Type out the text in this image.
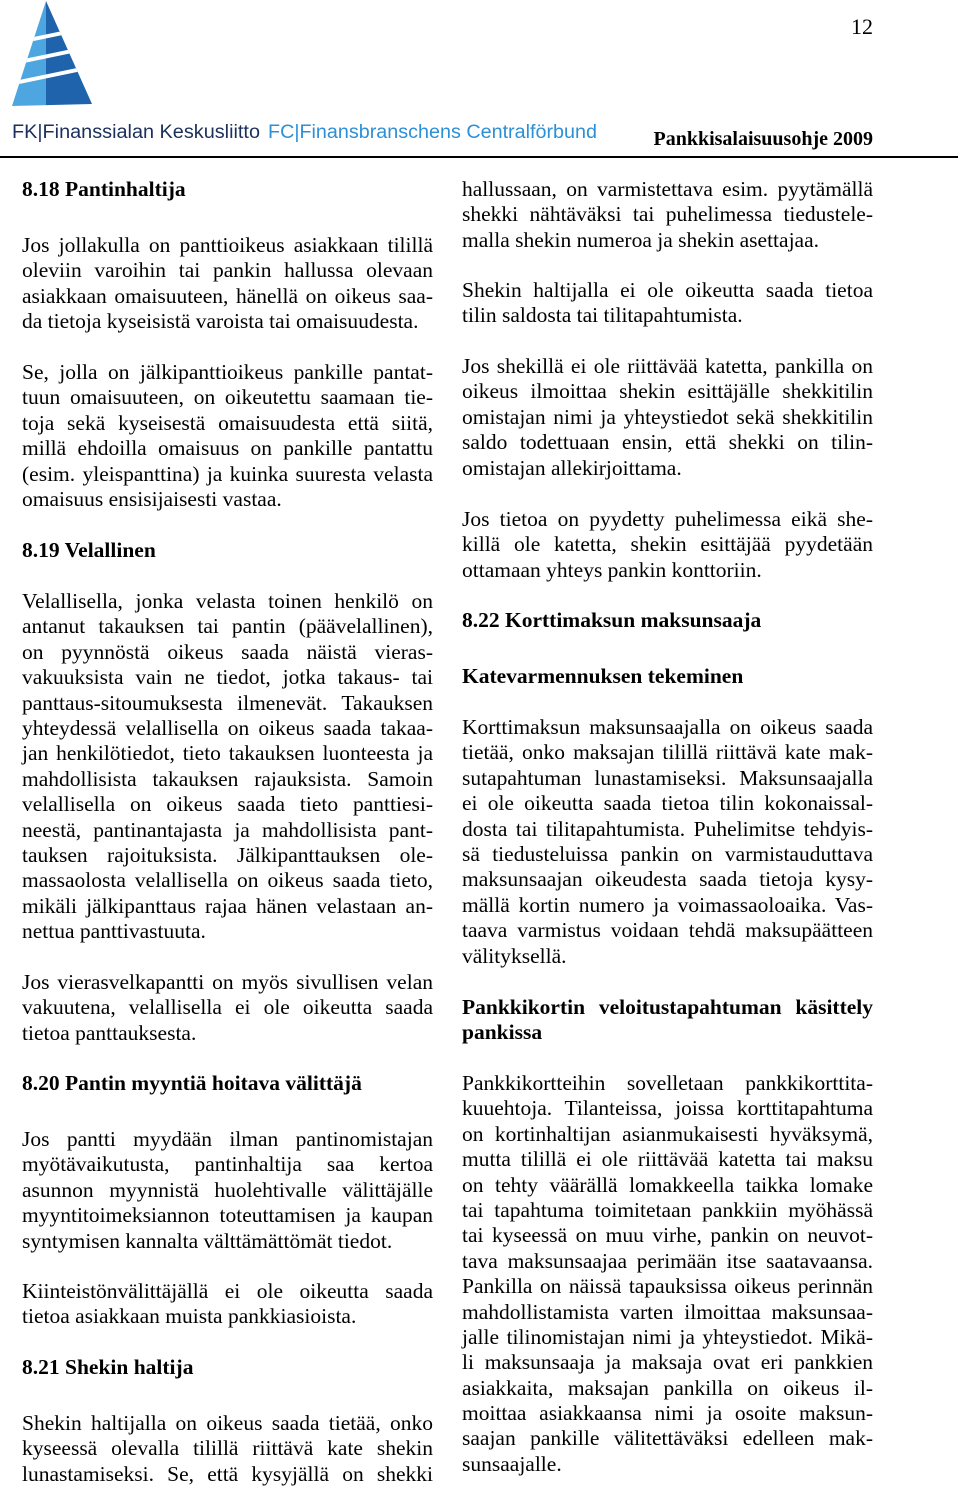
FK|Finanssialan Keskusliitto FC|Finansbranschens Centralförbund
12
Pankkisalaisuusohje 2009
8.18 Pantinhaltija
Jos jollakulla on panttioikeus asiakkaan tilillä
oleviin varoihin tai pankin hallussa olevaan
asiakkaan omaisuuteen, hänellä on oikeus saa-
da tietoja kyseisistä varoista tai omaisuudesta.
Se, jolla on jälkipanttioikeus pankille pantat-
tuun omaisuuteen, on oikeutettu saamaan tie-
toja sekä kyseisestä omaisuudesta että siitä,
millä ehdoilla omaisuus on pankille pantattu
(esim. yleispanttina) ja kuinka suuresta velasta
omaisuus ensisijaisesti vastaa.
8.19 Velallinen
Velallisella, jonka velasta toinen henkilö on
antanut takauksen tai pantin (päävelallinen),
on pyynnöstä oikeus saada näistä vieras-
vakuuksista vain ne tiedot, jotka takaus- tai
panttaus-sitoumuksesta ilmenevät. Takauksen
yhteydessä velallisella on oikeus saada takaa-
jan henkilötiedot, tieto takauksen luonteesta ja
mahdollisista takauksen rajauksista. Samoin
velallisella on oikeus saada tieto panttiesi-
neestä, pantinantajasta ja mahdollisista pant-
tauksen rajoituksista. Jälkipanttauksen ole-
massaolosta velallisella on oikeus saada tieto,
mikäli jälkipanttaus rajaa hänen velastaan an-
nettua panttivastuuta.
Jos vierasvelkapantti on myös sivullisen velan
vakuutena, velallisella ei ole oikeutta saada
tietoa panttauksesta.
8.20 Pantin myyntiä hoitava välittäjä
Jos pantti myydään ilman pantinomistajan
myötävaikutusta, pantinhaltija saa kertoa
asunnon myynnistä huolehtivalle välittäjälle
myyntitoimeksiannon toteuttamisen ja kaupan
syntymisen kannalta välttämättömät tiedot.
Kiinteistönvälittäjällä ei ole oikeutta saada
tietoa asiakkaan muista pankkiasioista.
8.21 Shekin haltija
Shekin haltijalla on oikeus saada tietää, onko
kyseessä olevalla tilillä riittävä kate shekin
lunastamiseksi. Se, että kysyjällä on shekki
hallussaan, on varmistettava esim. pyytämällä
shekki nähtäväksi tai puhelimessa tiedustele-
malla shekin numeroa ja shekin asettajaa.
Shekin haltijalla ei ole oikeutta saada tietoa
tilin saldosta tai tilitapahtumista.
Jos shekillä ei ole riittävää katetta, pankilla on
oikeus ilmoittaa shekin esittäjälle shekkitilin
omistajan nimi ja yhteystiedot sekä shekkitilin
saldo todettuaan ensin, että shekki on tilin-
omistajan allekirjoittama.
Jos tietoa on pyydetty puhelimessa eikä she-
killä ole katetta, shekin esittäjää pyydetään
ottamaan yhteys pankin konttoriin.
8.22 Korttimaksun maksunsaaja
Katevarmennuksen tekeminen
Korttimaksun maksunsaajalla on oikeus saada
tietää, onko maksajan tilillä riittävä kate mak-
sutapahtuman lunastamiseksi. Maksunsaajalla
ei ole oikeutta saada tietoa tilin kokonaissal-
dosta tai tilitapahtumista. Puhelimitse tehdyis-
sä tiedusteluissa pankin on varmistauduttava
maksunsaajan oikeudesta saada tietoja kysy-
mällä kortin numero ja voimassaoloaika. Vas-
taava varmistus voidaan tehdä maksupäätteen
välityksellä.
Pankkikortin veloitustapahtuman käsittely
pankissa
Pankkikortteihin sovelletaan pankkikorttita-
kuuehtoja. Tilanteissa, joissa korttitapahtuma
on kortinhaltijan asianmukaisesti hyväksymä,
mutta tilillä ei ole riittävää katetta tai maksu
on tehty väärällä lomakkeella taikka lomake
tai tapahtuma toimitetaan pankkiin myöhässä
tai kyseessä on muu virhe, pankin on neuvot-
tava maksunsaajaa perimään itse saatavaansa.
Pankilla on näissä tapauksissa oikeus perinnän
mahdollistamista varten ilmoittaa maksunsaa-
jalle tilinomistajan nimi ja yhteystiedot. Mikä-
li maksunsaaja ja maksaja ovat eri pankkien
asiakkaita, maksajan pankilla on oikeus il-
moittaa asiakkaansa nimi ja osoite maksun-
saajan pankille välitettäväksi edelleen mak-
sunsaajalle.
